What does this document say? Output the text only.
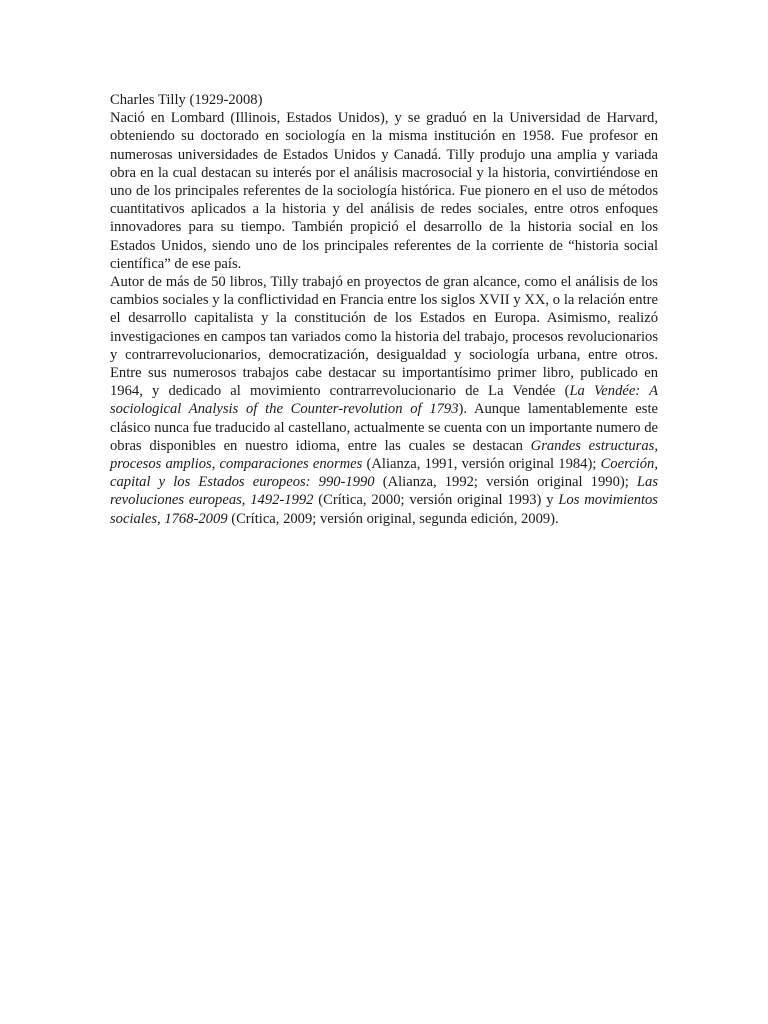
Charles Tilly (1929-2008)

Nació en Lombard (Illinois, Estados Unidos), y se graduó en la Universidad de Harvard, obteniendo su doctorado en sociología en la misma institución en 1958. Fue profesor en numerosas universidades de Estados Unidos y Canadá. Tilly produjo una amplia y variada obra en la cual destacan su interés por el análisis macrosocial y la historia, convirtiéndose en uno de los principales referentes de la sociología histórica. Fue pionero en el uso de métodos cuantitativos aplicados a la historia y del análisis de redes sociales, entre otros enfoques innovadores para su tiempo. También propició el desarrollo de la historia social en los Estados Unidos, siendo uno de los principales referentes de la corriente de “historia social científica” de ese país.

Autor de más de 50 libros, Tilly trabajó en proyectos de gran alcance, como el análisis de los cambios sociales y la conflictividad en Francia entre los siglos XVII y XX, o la relación entre el desarrollo capitalista y la constitución de los Estados en Europa. Asimismo, realizó investigaciones en campos tan variados como la historia del trabajo, procesos revolucionarios y contrarrevolucionarios, democratización, desigualdad y sociología urbana, entre otros. Entre sus numerosos trabajos cabe destacar su importantísimo primer libro, publicado en 1964, y dedicado al movimiento contrarrevolucionario de La Vendée (La Vendée: A sociological Analysis of the Counter-revolution of 1793). Aunque lamentablemente este clásico nunca fue traducido al castellano, actualmente se cuenta con un importante numero de obras disponibles en nuestro idioma, entre las cuales se destacan Grandes estructuras, procesos amplios, comparaciones enormes (Alianza, 1991, versión original 1984); Coerción, capital y los Estados europeos: 990-1990 (Alianza, 1992; versión original 1990); Las revoluciones europeas, 1492-1992 (Crítica, 2000; versión original 1993) y Los movimientos sociales, 1768-2009 (Crítica, 2009; versión original, segunda edición, 2009).
